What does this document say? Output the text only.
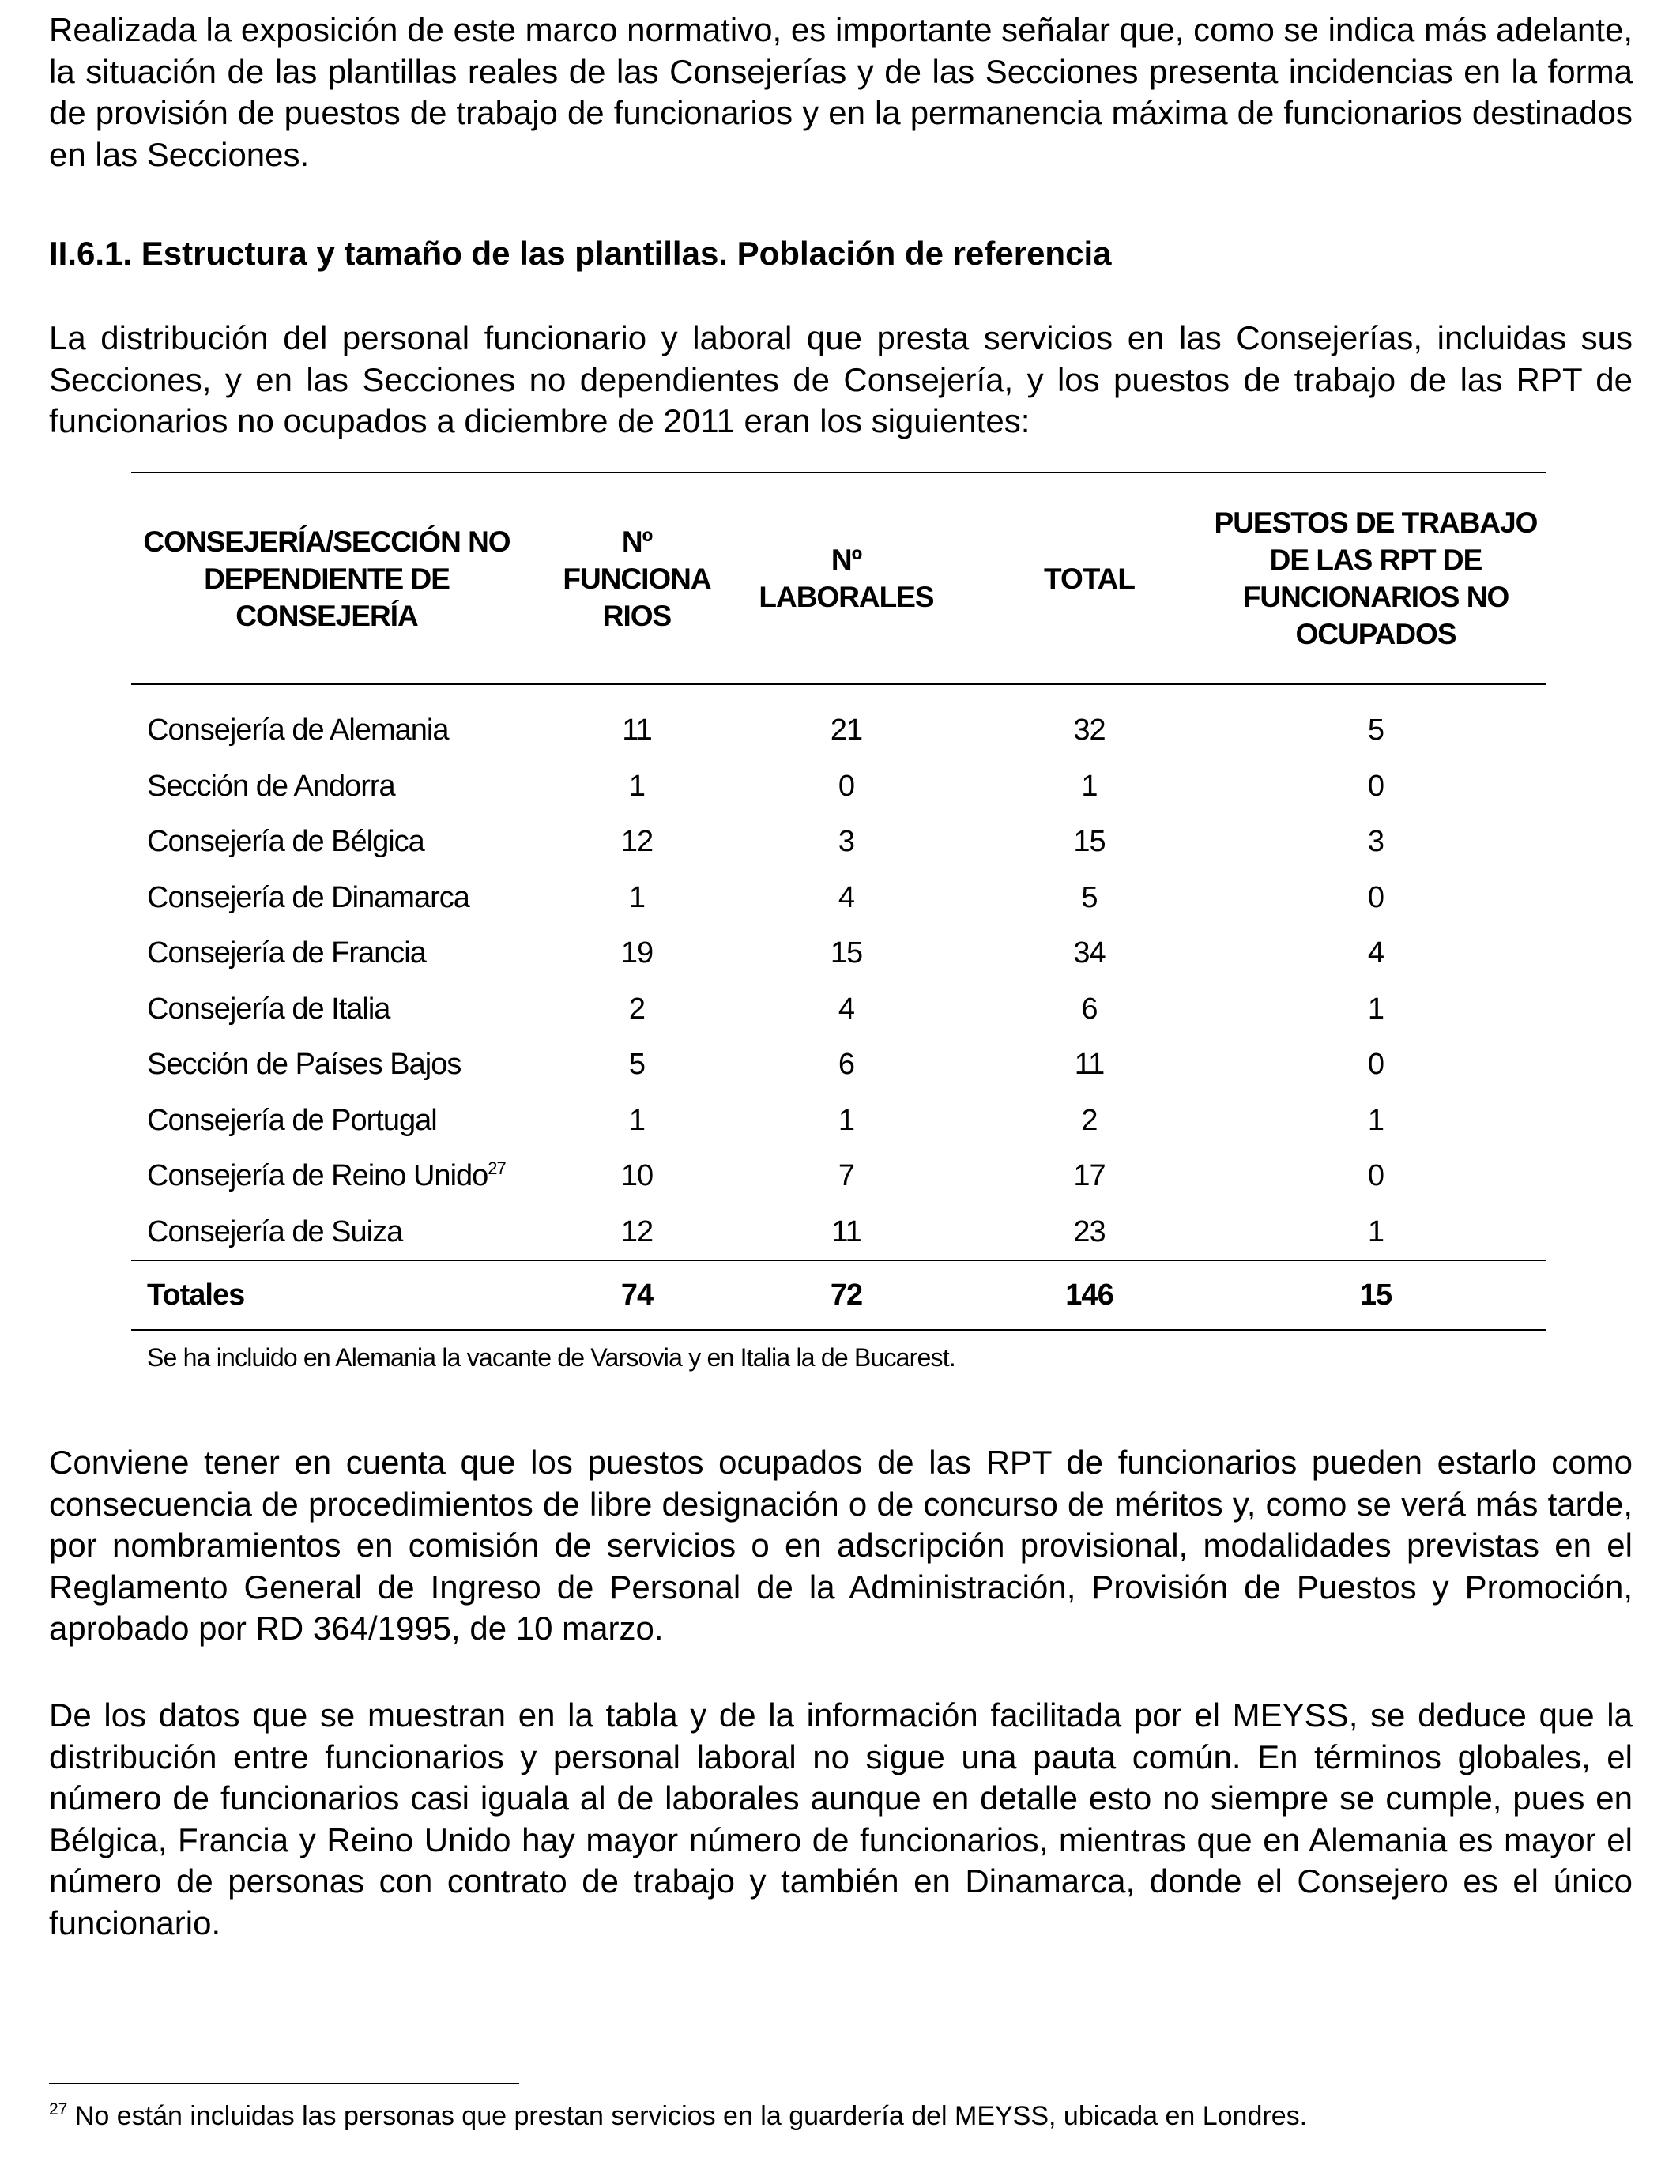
Realizada la exposición de este marco normativo, es importante señalar que, como se indica más adelante, la situación de las plantillas reales de las Consejerías y de las Secciones presenta incidencias en la forma de provisión de puestos de trabajo de funcionarios y en la permanencia máxima de funcionarios destinados en las Secciones.

II.6.1. Estructura y tamaño de las plantillas. Población de referencia

La distribución del personal funcionario y laboral que presta servicios en las Consejerías, incluidas sus Secciones, y en las Secciones no dependientes de Consejería, y los puestos de trabajo de las RPT de funcionarios no ocupados a diciembre de 2011 eran los siguientes:

CONSEJERÍA/SECCIÓN NO
DEPENDIENTE DE
CONSEJERÍA	Nº
FUNCIONA
RIOS	Nº
LABORALES	TOTAL	PUESTOS DE TRABAJO
DE LAS RPT DE
FUNCIONARIOS NO
OCUPADOS

Consejería de Alemania	11	21	32	5
Sección de Andorra	1	0	1	0
Consejería de Bélgica	12	3	15	3
Consejería de Dinamarca	1	4	5	0
Consejería de Francia	19	15	34	4
Consejería de Italia	2	4	6	1
Sección de Países Bajos	5	6	11	0
Consejería de Portugal	1	1	2	1
Consejería de Reino Unido$^{27}$	10	7	17	0
Consejería de Suiza	12	11	23	1
Totales	74	72	146	15
Se ha incluido en Alemania la vacante de Varsovia y en Italia la de Bucarest.

Conviene tener en cuenta que los puestos ocupados de las RPT de funcionarios pueden estarlo como consecuencia de procedimientos de libre designación o de concurso de méritos y, como se verá más tarde, por nombramientos en comisión de servicios o en adscripción provisional, modalidades previstas en el Reglamento General de Ingreso de Personal de la Administración, Provisión de Puestos y Promoción, aprobado por RD 364/1995, de 10 marzo.

De los datos que se muestran en la tabla y de la información facilitada por el MEYSS, se deduce que la distribución entre funcionarios y personal laboral no sigue una pauta común. En términos globales, el número de funcionarios casi iguala al de laborales aunque en detalle esto no siempre se cumple, pues en Bélgica, Francia y Reino Unido hay mayor número de funcionarios, mientras que en Alemania es mayor el número de personas con contrato de trabajo y también en Dinamarca, donde el Consejero es el único funcionario.

$^{27}$ No están incluidas las personas que prestan servicios en la guardería del MEYSS, ubicada en Londres.
